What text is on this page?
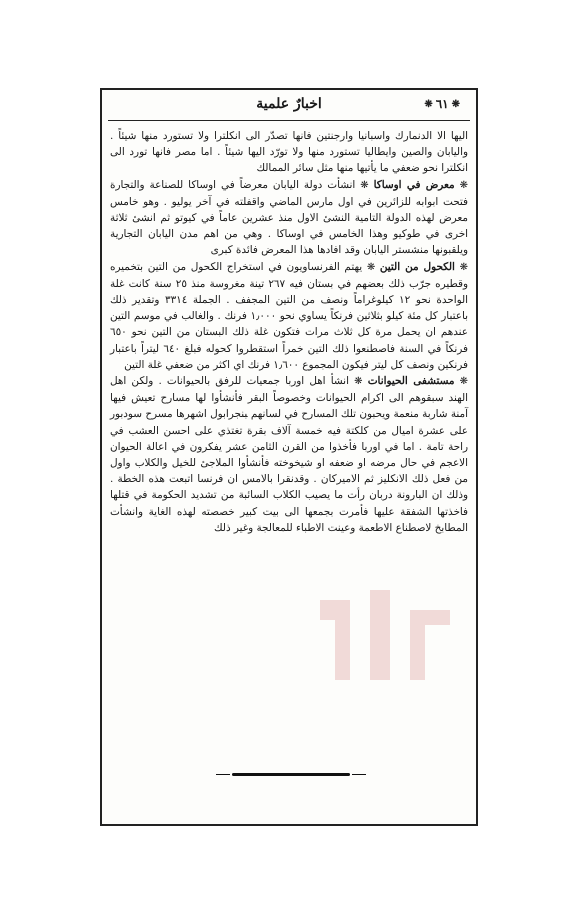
❋
٦١
❋
اخبارٌ علمية

اليها الا الدنمارك واسبانيا وارجنتين فانها تصدّر الى انكلترا ولا تستورد منها شيئاً . واليابان والصين وايطاليا تستورد منها ولا تورّد اليها شيئاً . اما مصر فانها تورد الى انكلترا نحو ضعفي ما يأتيها منها مثل سائر الممالك

❋ معرض في اوساكا ❋ انشأت دولة اليابان معرضاً في اوساكا للصناعة والتجارة فتحت ابوابه للزائرين في اول مارس الماضي واقفلته في آخر يوليو . وهو خامس معرض لهذه الدولة التامية النشئ الاول منذ عشرين عاماً في كيوتو ثم انشئ ثلاثة اخرى في طوكيو وهذا الخامس في اوساكا . وهي من اهم مدن اليابان التجارية ويلقبونها منشستر اليابان وقد افادها هذا المعرض فائدة كبرى

❋ الكحول من التين ❋ يهتم الفرنساويون في استخراج الكحول من التين بتخميره وقطيره جرّب ذلك بعضهم في بستان فيه ٢٦٧ تينة مغروسة منذ ٢٥ سنة كانت غلة الواحدة نحو ١٢ كيلوغراماً ونصف من التين المجفف . الجملة ٣٣١٤ وتقدير ذلك باعتبار كل مئة كيلو بثلاثين فرنكاً يساوي نحو ١٫٠٠٠ فرنك . والغالب في موسم التين عندهم ان يحمل مرة كل ثلاث مرات فتكون غلة ذلك البستان من التين نحو ٦٥٠ فرنكاً في السنة فاصطنعوا ذلك التين خمراً استقطروا كحوله فبلغ ٦٤٠ ليتراً باعتبار فرنكين ونصف كل ليتر فيكون المجموع ١٫٦٠٠ فرنك اي اكثر من ضعفي غلة التين

❋ مستشفى الحيوانات ❋ انشأ اهل اوربا جمعيات للرفق بالحيوانات . ولكن اهل الهند سبقوهم الى اكرام الحيوانات وخصوصاً البقر فأنشأوا لها مسارح تعيش فيها آمنة شاربة منعمة ويحبون تلك المسارح في لسانهم ﺒﻨﺠﺮﺍﺑﻮﻝ اشهرها مسرح سودبور على عشرة اميال من كلكتة فيه خمسة آلاف بقرة تغتذي على احسن العشب في راحة تامة . اما في اوربا فأخذوا من القرن الثامن عشر يفكرون في اعالة الحيوان الاعجم في حال مرضه او ضعفه او شيخوخته فأنشأوا الملاجئ للخيل والكلاب واول من فعل ذلك الانكليز ثم الاميركان . وقدنقرا بالامس ان فرنسا اتبعت هذه الخطة . وذلك ان البارونة دربان رأت ما يصيب الكلاب السائبة من تشديد الحكومة في قتلها فاخذتها الشفقة عليها فأمرت بجمعها الى بيت كبير خصصته لهذه الغاية وانشأت المطابخ لاصطناع الاطعمة وعينت الاطباء للمعالجة وغير ذلك
